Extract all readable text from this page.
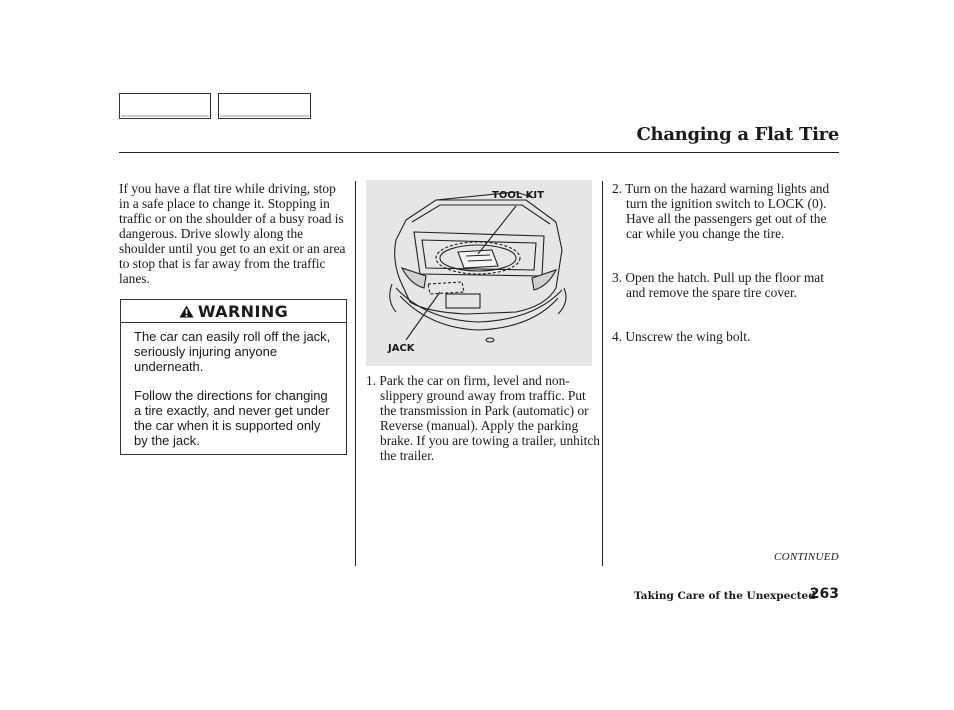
Changing a Flat Tire

If you have a flat tire while driving, stop in a safe place to change it. Stopping in traffic or on the shoulder of a busy road is dangerous. Drive slowly along the shoulder until you get to an exit or an area to stop that is far away from the traffic lanes.

WARNING

The car can easily roll off the jack, seriously injuring anyone underneath.

Follow the directions for changing a tire exactly, and never get under the car when it is supported only by the jack.

TOOL KIT
JACK

1. Park the car on firm, level and non-slippery ground away from traffic. Put the transmission in Park (automatic) or Reverse (manual). Apply the parking brake. If you are towing a trailer, unhitch the trailer.

2. Turn on the hazard warning lights and turn the ignition switch to LOCK (0). Have all the passengers get out of the car while you change the tire.

3. Open the hatch. Pull up the floor mat and remove the spare tire cover.

4. Unscrew the wing bolt.

CONTINUED
Taking Care of the Unexpected
263
